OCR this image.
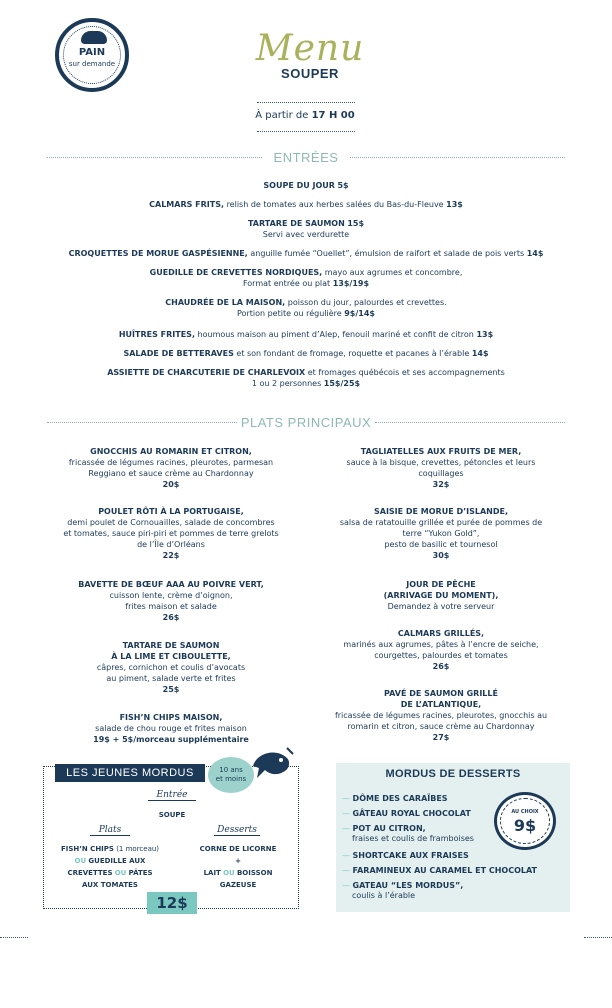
PAIN
sur demande	Menu
SOUPER
À partir de 17 H 00
ENTRÉES
SOUPE DU JOUR 5$
CALMARS FRITS, relish de tomates aux herbes salées du Bas-du-Fleuve 13$
TARTARE DE SAUMON 15$
Servi avec verdurette
CROQUETTES DE MORUE GASPÉSIENNE, anguille fumée “Ouellet”, émulsion de raifort et salade de pois verts 14$
GUEDILLE DE CREVETTES NORDIQUES, mayo aux agrumes et concombre,
Format entrée ou plat 13$/19$
CHAUDRÉE DE LA MAISON, poisson du jour, palourdes et crevettes.
Portion petite ou régulière 9$/14$
HUÎTRES FRITES, houmous maison au piment d’Alep, fenouil mariné et confit de citron 13$
SALADE DE BETTERAVES et son fondant de fromage, roquette et pacanes à l’érable 14$
ASSIETTE DE CHARCUTERIE DE CHARLEVOIX et fromages québécois et ses accompagnements
1 ou 2 personnes 15$/25$
PLATS PRINCIPAUX
GNOCCHIS AU ROMARIN ET CITRON,
fricassée de légumes racines, pleurotes, parmesan
Reggiano et sauce crème au Chardonnay
20$
POULET RÔTI À LA PORTUGAISE,
demi poulet de Cornouailles, salade de concombres
et tomates, sauce piri-piri et pommes de terre grelots
de l’Île d’Orléans
22$
BAVETTE DE BŒUF AAA AU POIVRE VERT,
cuisson lente, crème d’oignon,
frites maison et salade
26$
TARTARE DE SAUMON
À LA LIME ET CIBOULETTE,
câpres, cornichon et coulis d’avocats
au piment, salade verte et frites
25$
FISH’N CHIPS MAISON,
salade de chou rouge et frites maison
19$ + 5$/morceau supplémentaire
TAGLIATELLES AUX FRUITS DE MER,
sauce à la bisque, crevettes, pétoncles et leurs
coquillages
32$
SAISIE DE MORUE D’ISLANDE,
salsa de ratatouille grillée et purée de pommes de
terre “Yukon Gold”,
pesto de basilic et tournesol
30$
JOUR DE PÊCHE
(ARRIVAGE DU MOMENT),
Demandez à votre serveur
CALMARS GRILLÉS,
marinés aux agrumes, pâtes à l’encre de seiche,
courgettes, palourdes et tomates
26$
PAVÉ DE SAUMON GRILLÉ
DE L’ATLANTIQUE,
fricassée de légumes racines, pleurotes, gnocchis au
romarin et citron, sauce crème au Chardonnay
27$
LES JEUNES MORDUS	10 ans
et moins
Entrée
SOUPE
Plats
FISH’N CHIPS (1 morceau)
OU GUEDILLE AUX
CREVETTES OU PÂTES
AUX TOMATES
Desserts
CORNE DE LICORNE
+
LAIT OU BOISSON
GAZEUSE
12$
MORDUS DE DESSERTS
— DÔME DES CARAÏBES
— GÂTEAU ROYAL CHOCOLAT
— POT AU CITRON,
fraises et coulis de framboises
— SHORTCAKE AUX FRAISES
— FARAMINEUX AU CARAMEL ET CHOCOLAT
— GATEAU “LES MORDUS”,
coulis à l’érable
AU CHOIX
9$
